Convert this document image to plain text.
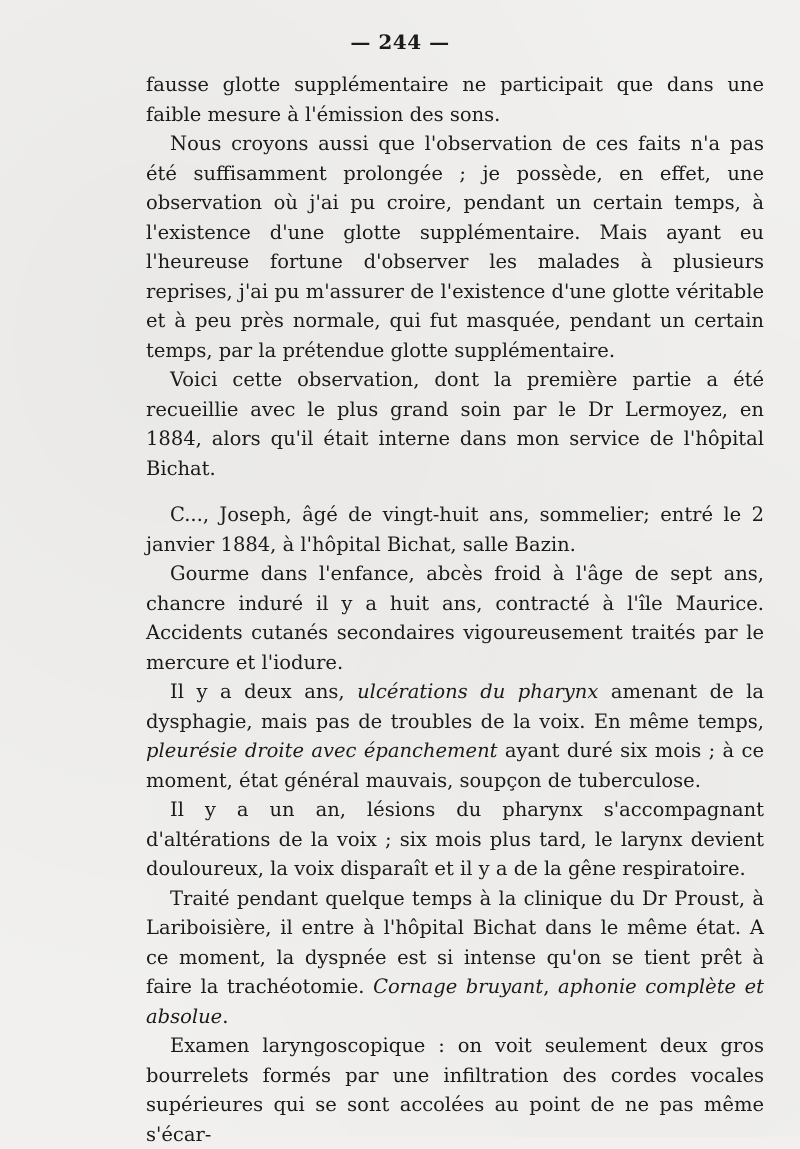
— 244 —

fausse glotte supplémentaire ne participait que dans une faible mesure à l'émission des sons.

Nous croyons aussi que l'observation de ces faits n'a pas été suffisamment prolongée ; je possède, en effet, une observation où j'ai pu croire, pendant un certain temps, à l'existence d'une glotte supplémentaire. Mais ayant eu l'heureuse fortune d'observer les malades à plusieurs reprises, j'ai pu m'assurer de l'existence d'une glotte véritable et à peu près normale, qui fut masquée, pendant un certain temps, par la prétendue glotte supplémentaire.

Voici cette observation, dont la première partie a été recueillie avec le plus grand soin par le Dr Lermoyez, en 1884, alors qu'il était interne dans mon service de l'hôpital Bichat.

C..., Joseph, âgé de vingt-huit ans, sommelier; entré le 2 janvier 1884, à l'hôpital Bichat, salle Bazin.

Gourme dans l'enfance, abcès froid à l'âge de sept ans, chancre induré il y a huit ans, contracté à l'île Maurice. Accidents cutanés secondaires vigoureusement traités par le mercure et l'iodure.

Il y a deux ans, ulcérations du pharynx amenant de la dysphagie, mais pas de troubles de la voix. En même temps, pleurésie droite avec épanchement ayant duré six mois ; à ce moment, état général mauvais, soupçon de tuberculose.

Il y a un an, lésions du pharynx s'accompagnant d'altérations de la voix ; six mois plus tard, le larynx devient douloureux, la voix disparaît et il y a de la gêne respiratoire.

Traité pendant quelque temps à la clinique du Dr Proust, à Lariboisière, il entre à l'hôpital Bichat dans le même état. A ce moment, la dyspnée est si intense qu'on se tient prêt à faire la trachéotomie. Cornage bruyant, aphonie complète et absolue.

Examen laryngoscopique : on voit seulement deux gros bourrelets formés par une infiltration des cordes vocales supérieures qui se sont accolées au point de ne pas même s'écar-
